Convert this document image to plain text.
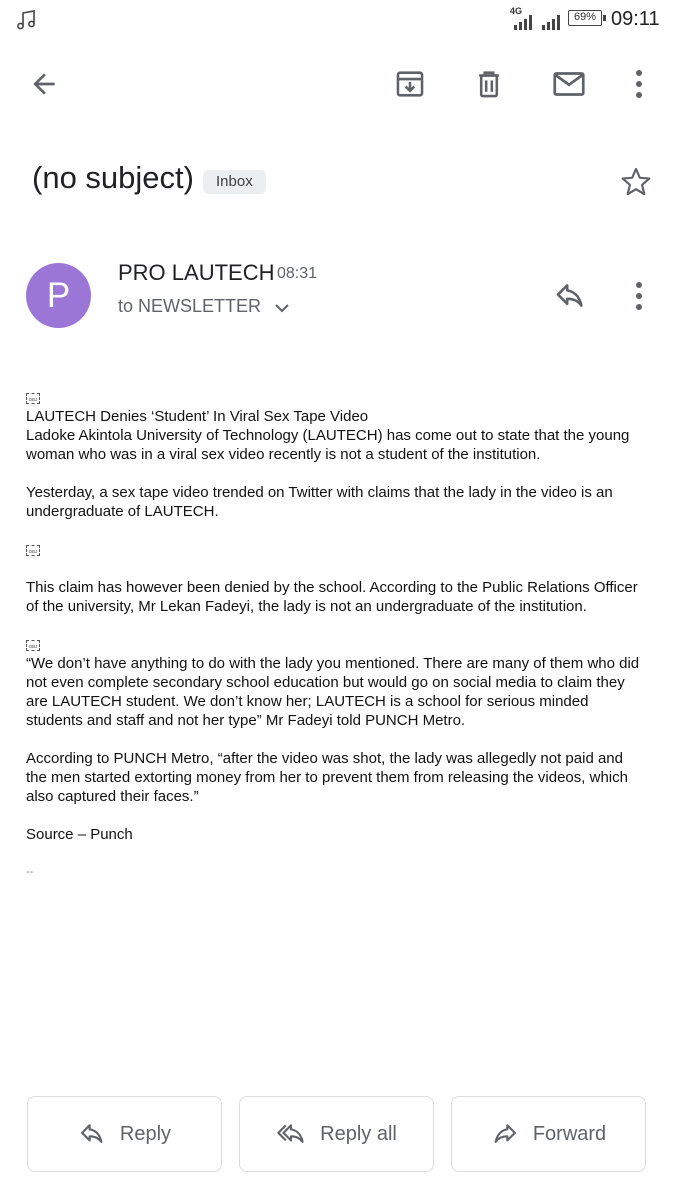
4G	69% 09:11
(no subject)	Inbox
P
PRO LAUTECH 08:31
to NEWSLETTER
OBJ

LAUTECH Denies ‘Student’ In Viral Sex Tape Video

Ladoke Akintola University of Technology (LAUTECH) has come out to state that the young woman who was in a viral sex video recently is not a student of the institution.

Yesterday, a sex tape video trended on Twitter with claims that the lady in the video is an undergraduate of LAUTECH.

OBJ

This claim has however been denied by the school. According to the Public Relations Officer of the university, Mr Lekan Fadeyi, the lady is not an undergraduate of the institution.

OBJ

“We don’t have anything to do with the lady you mentioned. There are many of them who did not even complete secondary school education but would go on social media to claim they are LAUTECH student. We don’t know her; LAUTECH is a school for serious minded students and staff and not her type” Mr Fadeyi told PUNCH Metro.

According to PUNCH Metro, “after the video was shot, the lady was allegedly not paid and the men started extorting money from her to prevent them from releasing the videos, which also captured their faces.”

Source – Punch

--

Reply	Reply all	Forward
